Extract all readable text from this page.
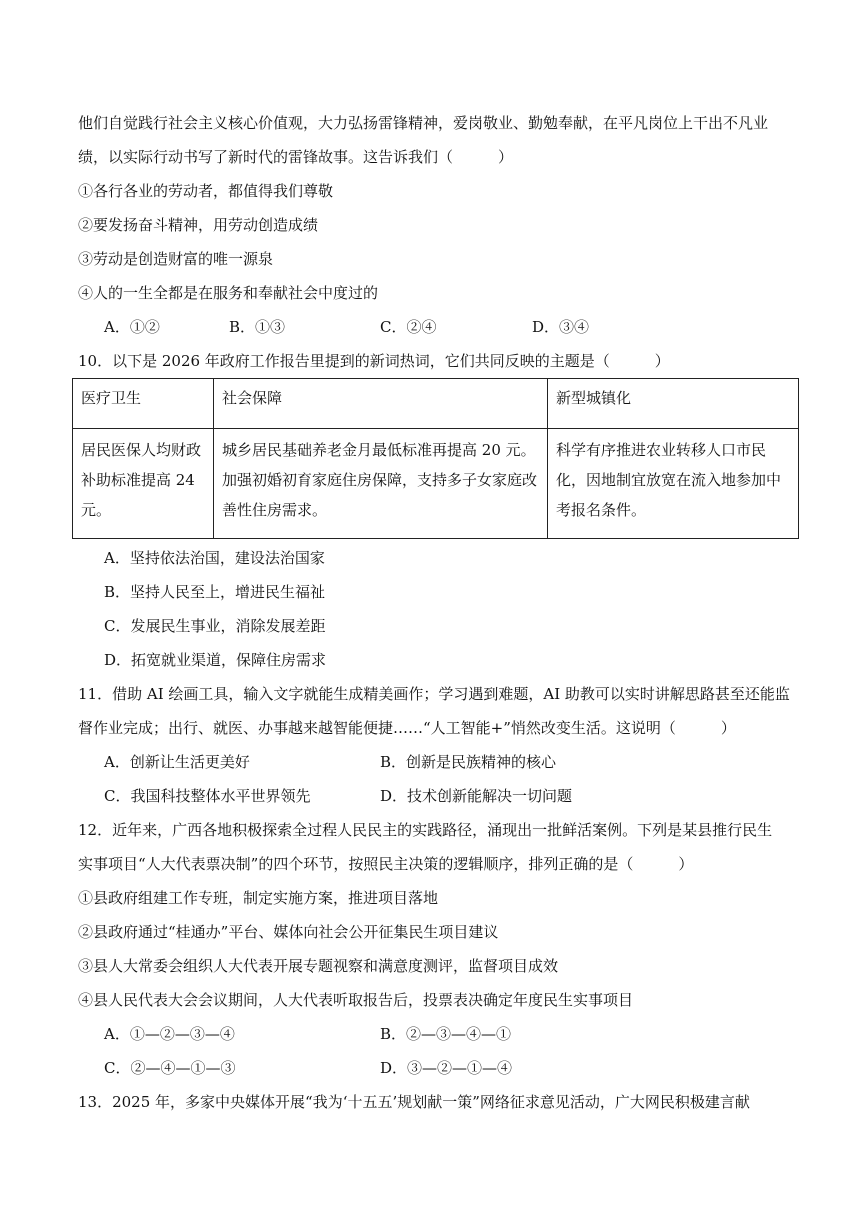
他们自觉践行社会主义核心价值观，大力弘扬雷锋精神，爱岗敬业、勤勉奉献，在平凡岗位上干出不凡业
绩，以实际行动书写了新时代的雷锋故事。这告诉我们（　　　）
①各行各业的劳动者，都值得我们尊敬
②要发扬奋斗精神，用劳动创造成绩
③劳动是创造财富的唯一源泉
④人的一生全都是在服务和奉献社会中度过的
A．①②	B．①③	C．②④	D．③④
10．以下是 2026 年政府工作报告里提到的新词热词，它们共同反映的主题是（　　　）
医疗卫生	社会保障	新型城镇化
居民医保人均财政补助标准提高 24 元。	城乡居民基础养老金月最低标准再提高 20 元。加强初婚初育家庭住房保障，支持多子女家庭改善性住房需求。	科学有序推进农业转移人口市民化，因地制宜放宽在流入地参加中考报名条件。
A．坚持依法治国，建设法治国家
B．坚持人民至上，增进民生福祉
C．发展民生事业，消除发展差距
D．拓宽就业渠道，保障住房需求
11．借助 AI 绘画工具，输入文字就能生成精美画作；学习遇到难题，AI 助教可以实时讲解思路甚至还能监
督作业完成；出行、就医、办事越来越智能便捷……“人工智能+”悄然改变生活。这说明（　　　）
A．创新让生活更美好	B．创新是民族精神的核心
C．我国科技整体水平世界领先	D．技术创新能解决一切问题
12．近年来，广西各地积极探索全过程人民民主的实践路径，涌现出一批鲜活案例。下列是某县推行民生
实事项目“人大代表票决制”的四个环节，按照民主决策的逻辑顺序，排列正确的是（　　　）
①县政府组建工作专班，制定实施方案，推进项目落地
②县政府通过“桂通办”平台、媒体向社会公开征集民生项目建议
③县人大常委会组织人大代表开展专题视察和满意度测评，监督项目成效
④县人民代表大会会议期间，人大代表听取报告后，投票表决确定年度民生实事项目
A．①—②—③—④	B．②—③—④—①
C．②—④—①—③	D．③—②—①—④
13．2025 年，多家中央媒体开展“我为‘十五五’规划献一策”网络征求意见活动，广大网民积极建言献
